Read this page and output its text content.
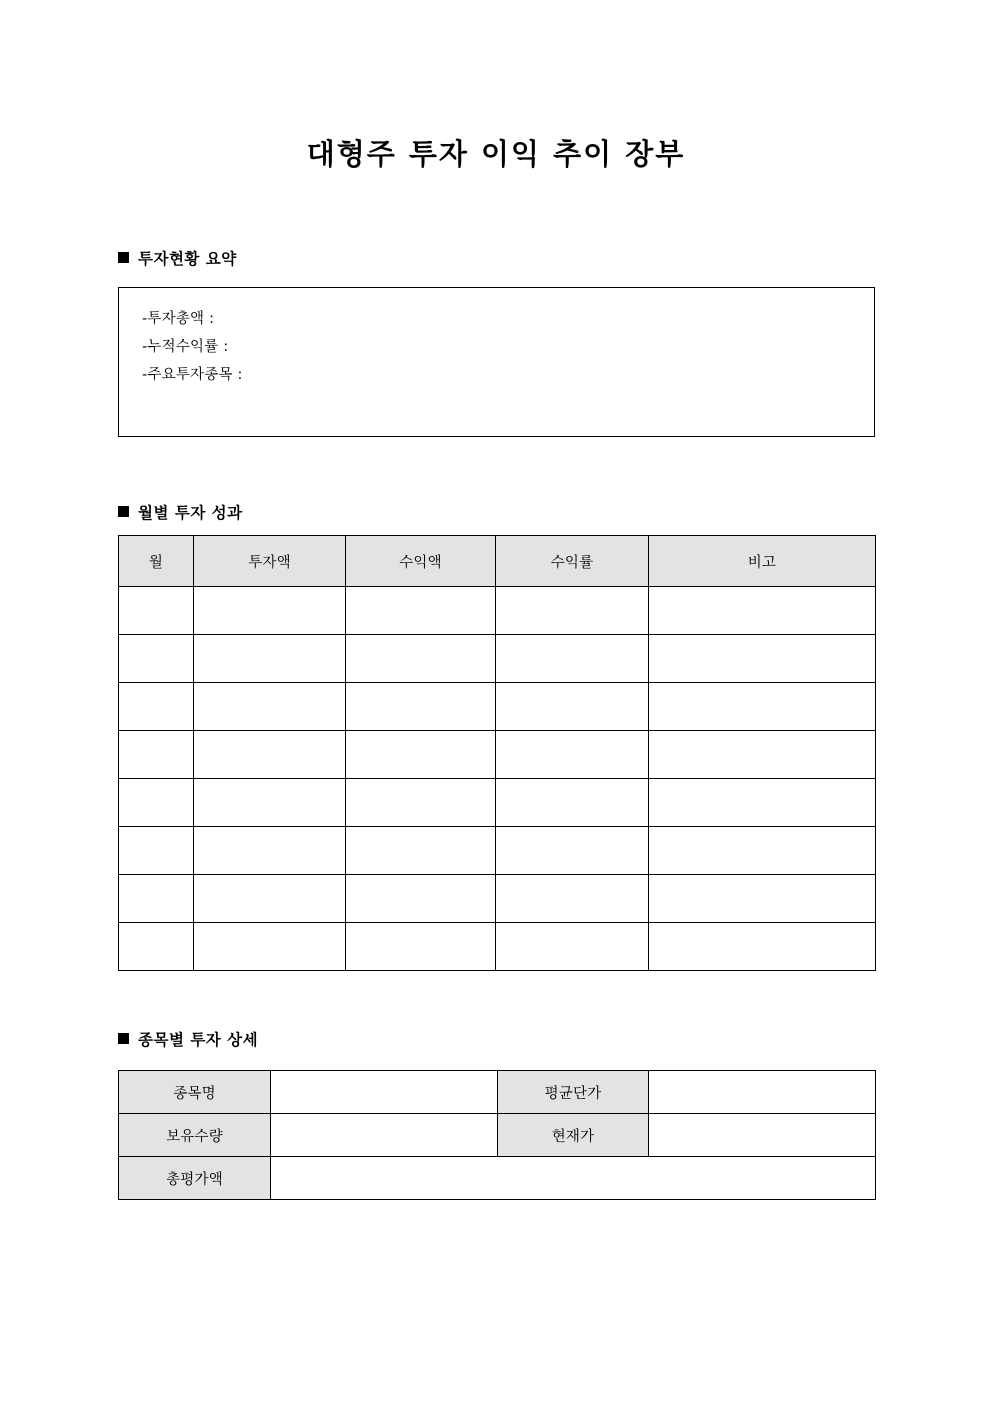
대형주 투자 이익 추이 장부
투자현황 요약
-투자총액 :
-누적수익률 :
-주요투자종목 :
월별 투자 성과
월	투자액	수익액	수익률	비고

종목별 투자 상세
종목명		평균단가	
보유수량		현재가	
총평가액			
